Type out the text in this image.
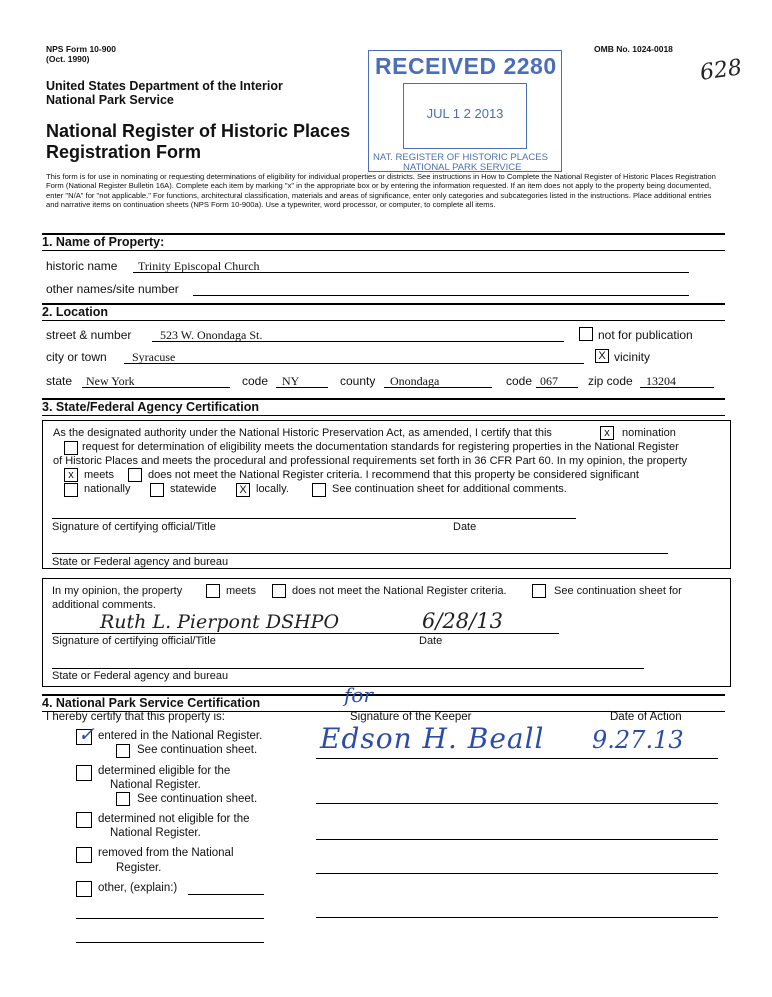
NPS Form 10-900
(Oct. 1990)
OMB No. 1024-0018
628
United States Department of the Interior
National Park Service
National Register of Historic Places
Registration Form
This form is for use in nominating or requesting determinations of eligibility for individual properties or districts. See instructions in How to Complete the National Register of Historic Places Registration Form (National Register Bulletin 16A). Complete each item by marking "x" in the appropriate box or by entering the information requested. If an item does not apply to the property being documented, enter "N/A" for "not applicable." For functions, architectural classification, materials and areas of significance, enter only categories and subcategories listed in the instructions. Place additional entries and narrative items on continuation sheets (NPS Form 10-900a). Use a typewriter, word processor, or computer, to complete all items.
RECEIVED 2280
JUL 1 2 2013
NAT. REGISTER OF HISTORIC PLACES
NATIONAL PARK SERVICE
1. Name of Property:
historic name Trinity Episcopal Church
other names/site number
2. Location
street & number 523 W. Onondaga St.	not for publication
city or town Syracuse	X vicinity
state New York	code NY	county Onondaga	code 067	zip code 13204
3. State/Federal Agency Certification
As the designated authority under the National Historic Preservation Act, as amended, I certify that this	x	nomination
request for determination of eligibility meets the documentation standards for registering properties in the National Register
of Historic Places and meets the procedural and professional requirements set forth in 36 CFR Part 60. In my opinion, the property
x meets	does not meet the National Register criteria. I recommend that this property be considered significant
nationally	statewide	X locally.	See continuation sheet for additional comments.
Signature of certifying official/Title	Date
State or Federal agency and bureau
In my opinion, the property	meets	does not meet the National Register criteria.	See continuation sheet for
additional comments.
Ruth L. Pierpont DSHPO	6/28/13
Signature of certifying official/Title	Date
State or Federal agency and bureau
4. National Park Service Certification
I hereby certify that this property is:	Signature of the Keeper	Date of Action
for
Edson H. Beall 9.27.13
✓ entered in the National Register.
See continuation sheet.
determined eligible for the
National Register.
See continuation sheet.
determined not eligible for the
National Register.
removed from the National
Register.
other, (explain:)
